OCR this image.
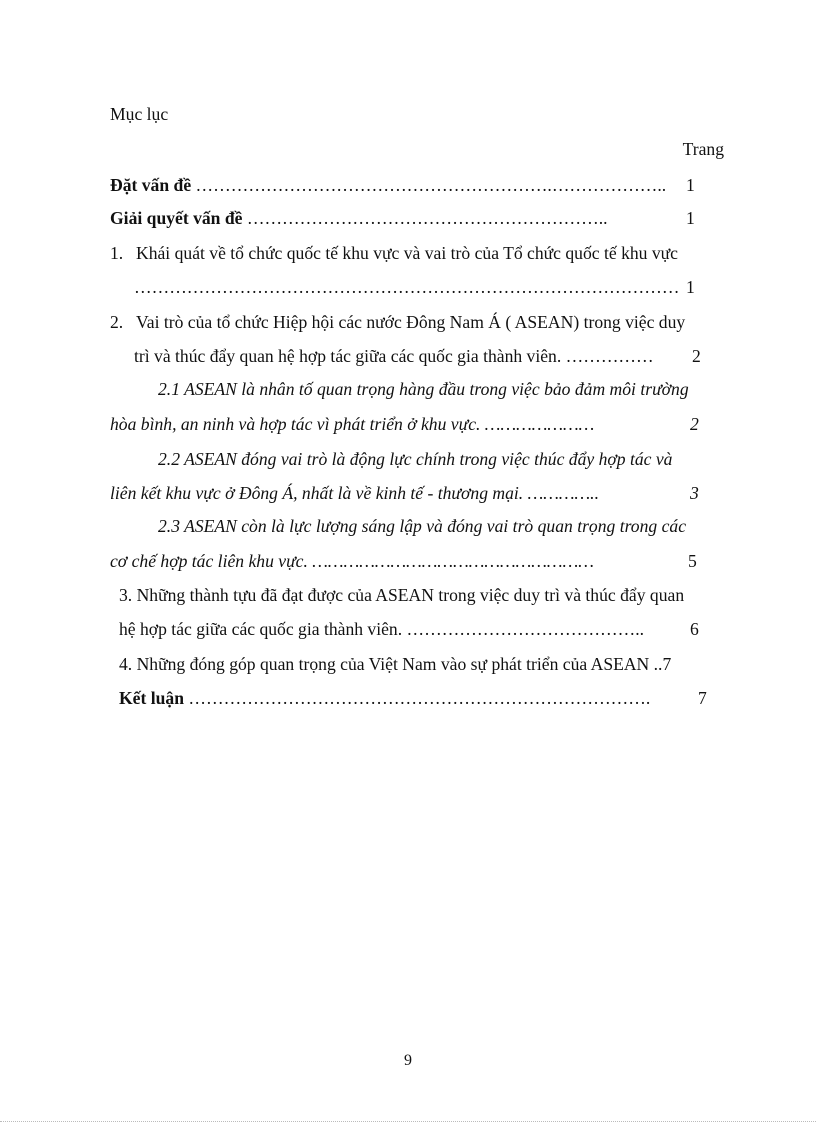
Mục lục

Trang

Đặt vấn đề …………………………………………………….……………….. 1

Giải quyết vấn đề ……………………………………………………..	1

1. Khái quát về tổ chức quốc tế khu vực và vai trò của Tổ chức quốc tế khu vực

………………………………………………………………………………… 1

2. Vai trò của tổ chức Hiệp hội các nước Đông Nam Á ( ASEAN) trong việc duy

trì và thúc đẩy quan hệ hợp tác giữa các quốc gia thành viên. …………… 2

2.1 ASEAN là nhân tố quan trọng hàng đầu trong việc bảo đảm môi trường

hòa bình, an ninh và hợp tác vì phát triển ở khu vực. …………………	2

2.2 ASEAN đóng vai trò là động lực chính trong việc thúc đẩy hợp tác và

liên kết khu vực ở Đông Á, nhất là về kinh tế - thương mại. …………..	3

2.3 ASEAN còn là lực lượng sáng lập và đóng vai trò quan trọng trong các

cơ chế hợp tác liên khu vực. ………………………………………………	5

3. Những thành tựu đã đạt được của ASEAN trong việc duy trì và thúc đẩy quan

hệ hợp tác giữa các quốc gia thành viên. …………………………………..	6

4. Những đóng góp quan trọng của Việt Nam vào sự phát triển của ASEAN ..7

Kết luận …………………………………………………………………….	7

9
